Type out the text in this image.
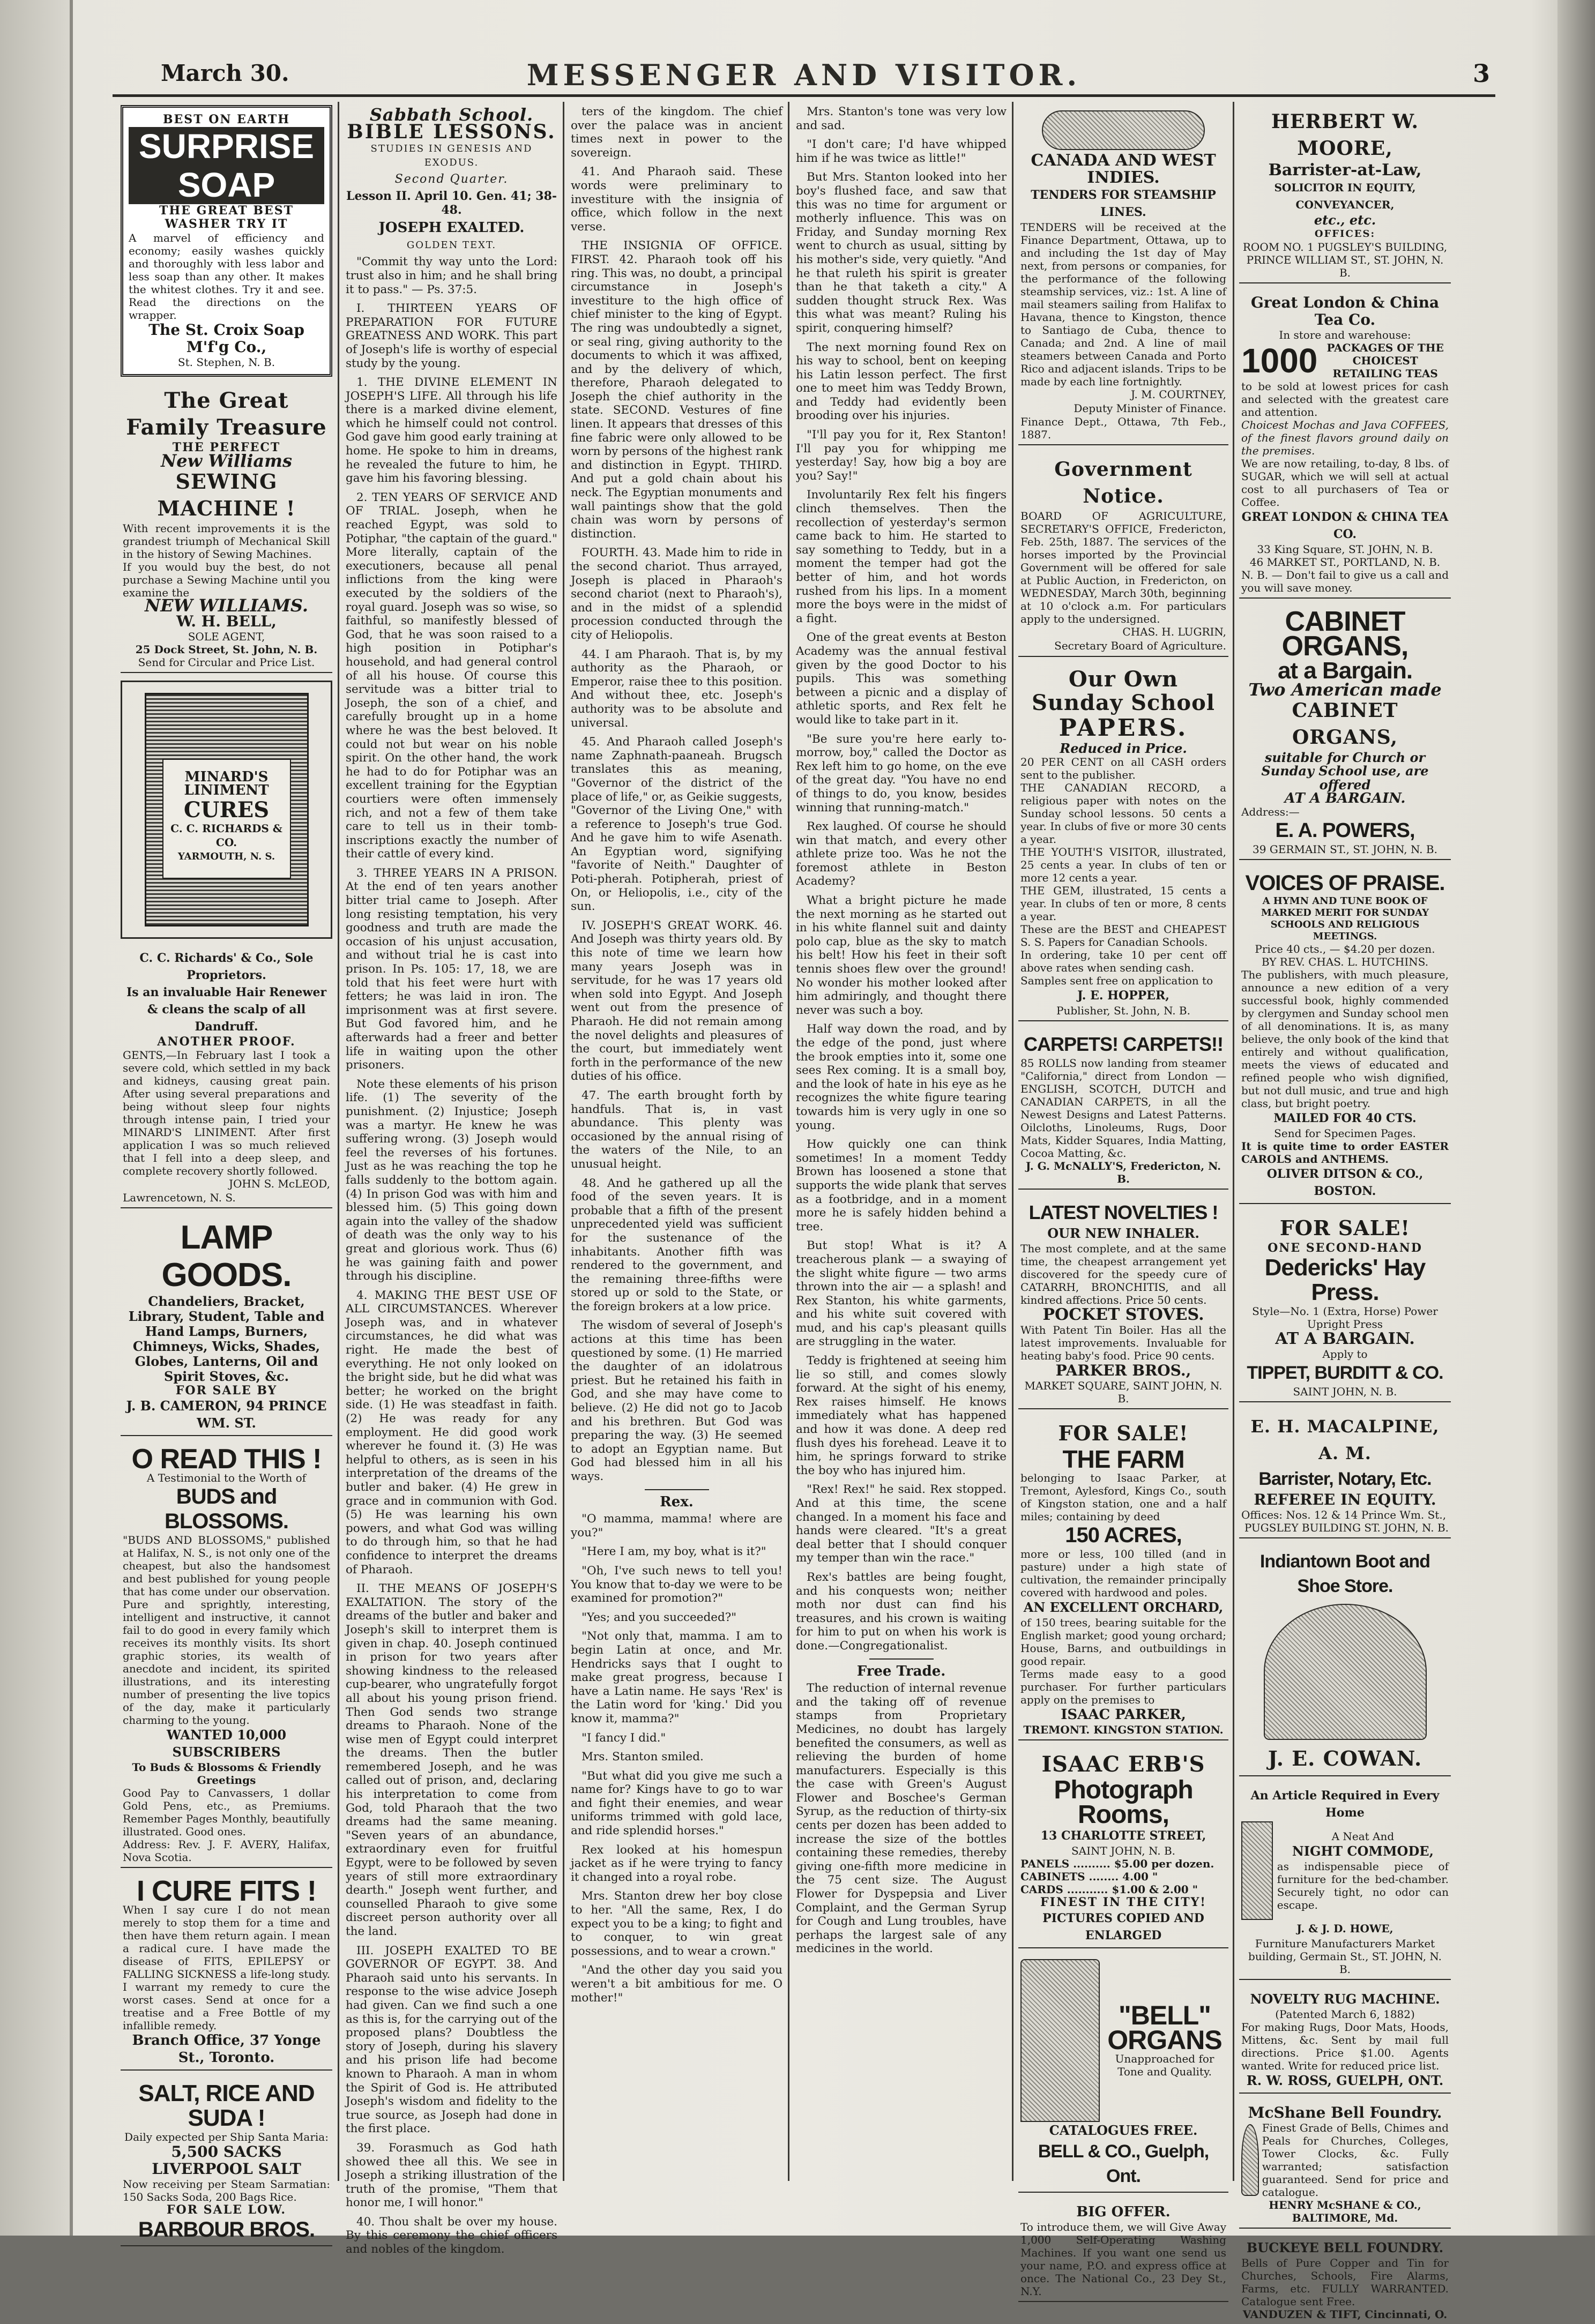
March 30.	MESSENGER AND VISITOR.	3
BEST ON EARTH
SURPRISE
SOAP
THE GREAT BEST WASHER TRY IT
A marvel of efficiency and economy; easily washes quickly and thoroughly with less labor and less soap than any other. It makes the whitest clothes. Try it and see. Read the directions on the wrapper.
The St. Croix Soap M'f'g Co.,
St. Stephen, N. B.
The Great Family Treasure
THE PERFECT
New Williams
SEWING MACHINE !
With recent improvements it is the grandest triumph of Mechanical Skill in the history of Sewing Machines.
If you would buy the best, do not purchase a Sewing Machine until you examine the
NEW WILLIAMS.
W. H. BELL,
SOLE AGENT,
25 Dock Street, St. John, N. B.
Send for Circular and Price List.
MINARD'S LINIMENT
CURES
C. C. RICHARDS & CO.
YARMOUTH, N. S.
C. C. Richards' & Co., Sole Proprietors.
Is an invaluable Hair Renewer & cleans the scalp of all Dandruff.
ANOTHER PROOF.
GENTS,—In February last I took a severe cold, which settled in my back and kidneys, causing great pain. After using several preparations and being without sleep four nights through intense pain, I tried your MINARD'S LINIMENT. After first application I was so much relieved that I fell into a deep sleep, and complete recovery shortly followed.
JOHN S. McLEOD,
Lawrencetown, N. S.
LAMP GOODS.
Chandeliers, Bracket, Library, Student, Table and Hand Lamps, Burners, Chimneys, Wicks, Shades, Globes, Lanterns, Oil and Spirit Stoves, &c.
FOR SALE BY
J. B. CAMERON, 94 PRINCE WM. ST.
O READ THIS !
A Testimonial to the Worth of
BUDS and BLOSSOMS.
"BUDS AND BLOSSOMS," published at Halifax, N. S., is not only one of the cheapest, but also the handsomest and best published for young people that has come under our observation. Pure and sprightly, interesting, intelligent and instructive, it cannot fail to do good in every family which receives its monthly visits. Its short graphic stories, its wealth of anecdote and incident, its spirited illustrations, and its interesting number of presenting the live topics of the day, make it particularly charming to the young.
WANTED 10,000 SUBSCRIBERS
To Buds & Blossoms & Friendly Greetings
Good Pay to Canvassers, 1 dollar Gold Pens, etc., as Premiums. Remember Pages Monthly, beautifully illustrated. Good ones.
Address: Rev. J. F. AVERY, Halifax, Nova Scotia.
I CURE FITS !
When I say cure I do not mean merely to stop them for a time and then have them return again. I mean a radical cure. I have made the disease of FITS, EPILEPSY or FALLING SICKNESS a life-long study. I warrant my remedy to cure the worst cases. Send at once for a treatise and a Free Bottle of my infallible remedy.
Branch Office, 37 Yonge St., Toronto.
SALT, RICE AND SUDA !
Daily expected per Ship Santa Maria:
5,500 SACKS LIVERPOOL SALT
Now receiving per Steam Sarmatian: 150 Sacks Soda, 200 Bags Rice.
FOR SALE LOW.
BARBOUR BROS.
Sabbath School.
BIBLE LESSONS.
STUDIES IN GENESIS AND EXODUS.
Second Quarter.
Lesson II. April 10. Gen. 41; 38-48.
JOSEPH EXALTED.
GOLDEN TEXT.

"Commit thy way unto the Lord: trust also in him; and he shall bring it to pass." — Ps. 37:5.

I. THIRTEEN YEARS OF PREPARATION FOR FUTURE GREATNESS AND WORK. This part of Joseph's life is worthy of especial study by the young.

1. THE DIVINE ELEMENT IN JOSEPH'S LIFE. All through his life there is a marked divine element, which he himself could not control. God gave him good early training at home. He spoke to him in dreams, he revealed the future to him, he gave him his favoring blessing.

2. TEN YEARS OF SERVICE AND OF TRIAL. Joseph, when he reached Egypt, was sold to Potiphar, "the captain of the guard." More literally, captain of the executioners, because all penal inflictions from the king were executed by the soldiers of the royal guard. Joseph was so wise, so faithful, so manifestly blessed of God, that he was soon raised to a high position in Potiphar's household, and had general control of all his house. Of course this servitude was a bitter trial to Joseph, the son of a chief, and carefully brought up in a home where he was the best beloved. It could not but wear on his noble spirit. On the other hand, the work he had to do for Potiphar was an excellent training for the Egyptian courtiers were often immensely rich, and not a few of them take care to tell us in their tomb-inscriptions exactly the number of their cattle of every kind.

3. THREE YEARS IN A PRISON. At the end of ten years another bitter trial came to Joseph. After long resisting temptation, his very goodness and truth are made the occasion of his unjust accusation, and without trial he is cast into prison. In Ps. 105: 17, 18, we are told that his feet were hurt with fetters; he was laid in iron. The imprisonment was at first severe. But God favored him, and he afterwards had a freer and better life in waiting upon the other prisoners.

Note these elements of his prison life. (1) The severity of the punishment. (2) Injustice; Joseph was a martyr. He knew he was suffering wrong. (3) Joseph would feel the reverses of his fortunes. Just as he was reaching the top he falls suddenly to the bottom again. (4) In prison God was with him and blessed him. (5) This going down again into the valley of the shadow of death was the only way to his great and glorious work. Thus (6) he was gaining faith and power through his discipline.

4. MAKING THE BEST USE OF ALL CIRCUMSTANCES. Wherever Joseph was, and in whatever circumstances, he did what was right. He made the best of everything. He not only looked on the bright side, but he did what was better; he worked on the bright side. (1) He was steadfast in faith. (2) He was ready for any employment. He did good work wherever he found it. (3) He was helpful to others, as is seen in his interpretation of the dreams of the butler and baker. (4) He grew in grace and in communion with God. (5) He was learning his own powers, and what God was willing to do through him, so that he had confidence to interpret the dreams of Pharaoh.

II. THE MEANS OF JOSEPH'S EXALTATION. The story of the dreams of the butler and baker and Joseph's skill to interpret them is given in chap. 40. Joseph continued in prison for two years after showing kindness to the released cup-bearer, who ungratefully forgot all about his young prison friend. Then God sends two strange dreams to Pharaoh. None of the wise men of Egypt could interpret the dreams. Then the butler remembered Joseph, and he was called out of prison, and, declaring his interpretation to come from God, told Pharaoh that the two dreams had the same meaning. "Seven years of an abundance, extraordinary even for fruitful Egypt, were to be followed by seven years of still more extraordinary dearth." Joseph went further, and counselled Pharaoh to give some discreet person authority over all the land.

III. JOSEPH EXALTED TO BE GOVERNOR OF EGYPT. 38. And Pharaoh said unto his servants. In response to the wise advice Joseph had given. Can we find such a one as this is, for the carrying out of the proposed plans? Doubtless the story of Joseph, during his slavery and his prison life had become known to Pharaoh. A man in whom the Spirit of God is. He attributed Joseph's wisdom and fidelity to the true source, as Joseph had done in the first place.

39. Forasmuch as God hath showed thee all this. We see in Joseph a striking illustration of the truth of the promise, "Them that honor me, I will honor."

40. Thou shalt be over my house. By this ceremony the chief officers and nobles of the kingdom.

ters of the kingdom. The chief over the palace was in ancient times next in power to the sovereign.

41. And Pharaoh said. These words were preliminary to investiture with the insignia of office, which follow in the next verse.

THE INSIGNIA OF OFFICE. FIRST. 42. Pharaoh took off his ring. This was, no doubt, a principal circumstance in Joseph's investiture to the high office of chief minister to the king of Egypt. The ring was undoubtedly a signet, or seal ring, giving authority to the documents to which it was affixed, and by the delivery of which, therefore, Pharaoh delegated to Joseph the chief authority in the state. SECOND. Vestures of fine linen. It appears that dresses of this fine fabric were only allowed to be worn by persons of the highest rank and distinction in Egypt. THIRD. And put a gold chain about his neck. The Egyptian monuments and wall paintings show that the gold chain was worn by persons of distinction.

FOURTH. 43. Made him to ride in the second chariot. Thus arrayed, Joseph is placed in Pharaoh's second chariot (next to Pharaoh's), and in the midst of a splendid procession conducted through the city of Heliopolis.

44. I am Pharaoh. That is, by my authority as the Pharaoh, or Emperor, raise thee to this position. And without thee, etc. Joseph's authority was to be absolute and universal.

45. And Pharaoh called Joseph's name Zaphnath-paaneah. Brugsch translates this as meaning, "Governor of the district of the place of life," or, as Geikie suggests, "Governor of the Living One," with a reference to Joseph's true God. And he gave him to wife Asenath. An Egyptian word, signifying "favorite of Neith." Daughter of Poti-pherah. Potipherah, priest of On, or Heliopolis, i.e., city of the sun.

IV. JOSEPH'S GREAT WORK. 46. And Joseph was thirty years old. By this note of time we learn how many years Joseph was in servitude, for he was 17 years old when sold into Egypt. And Joseph went out from the presence of Pharaoh. He did not remain among the novel delights and pleasures of the court, but immediately went forth in the performance of the new duties of his office.

47. The earth brought forth by handfuls. That is, in vast abundance. This plenty was occasioned by the annual rising of the waters of the Nile, to an unusual height.

48. And he gathered up all the food of the seven years. It is probable that a fifth of the present unprecedented yield was sufficient for the sustenance of the inhabitants. Another fifth was rendered to the government, and the remaining three-fifths were stored up or sold to the State, or the foreign brokers at a low price.

The wisdom of several of Joseph's actions at this time has been questioned by some. (1) He married the daughter of an idolatrous priest. But he retained his faith in God, and she may have come to believe. (2) He did not go to Jacob and his brethren. But God was preparing the way. (3) He seemed to adopt an Egyptian name. But God had blessed him in all his ways.

Rex.

"O mamma, mamma! where are you?"

"Here I am, my boy, what is it?"

"Oh, I've such news to tell you! You know that to-day we were to be examined for promotion?"

"Yes; and you succeeded?"

"Not only that, mamma. I am to begin Latin at once, and Mr. Hendricks says that I ought to make great progress, because I have a Latin name. He says 'Rex' is the Latin word for 'king.' Did you know it, mamma?"

"I fancy I did."

Mrs. Stanton smiled.

"But what did you give me such a name for? Kings have to go to war and fight their enemies, and wear uniforms trimmed with gold lace, and ride splendid horses."

Rex looked at his homespun jacket as if he were trying to fancy it changed into a royal robe.

Mrs. Stanton drew her boy close to her. "All the same, Rex, I do expect you to be a king; to fight and to conquer, to win great possessions, and to wear a crown."

"And the other day you said you weren't a bit ambitious for me. O mother!"

Mrs. Stanton's tone was very low and sad.

"I don't care; I'd have whipped him if he was twice as little!"

But Mrs. Stanton looked into her boy's flushed face, and saw that this was no time for argument or motherly influence. This was on Friday, and Sunday morning Rex went to church as usual, sitting by his mother's side, very quietly. "And he that ruleth his spirit is greater than he that taketh a city." A sudden thought struck Rex. Was this what was meant? Ruling his spirit, conquering himself?

The next morning found Rex on his way to school, bent on keeping his Latin lesson perfect. The first one to meet him was Teddy Brown, and Teddy had evidently been brooding over his injuries.

"I'll pay you for it, Rex Stanton! I'll pay you for whipping me yesterday! Say, how big a boy are you? Say!"

Involuntarily Rex felt his fingers clinch themselves. Then the recollection of yesterday's sermon came back to him. He started to say something to Teddy, but in a moment the temper had got the better of him, and hot words rushed from his lips. In a moment more the boys were in the midst of a fight.

One of the great events at Beston Academy was the annual festival given by the good Doctor to his pupils. This was something between a picnic and a display of athletic sports, and Rex felt he would like to take part in it.

"Be sure you're here early to-morrow, boy," called the Doctor as Rex left him to go home, on the eve of the great day. "You have no end of things to do, you know, besides winning that running-match."

Rex laughed. Of course he should win that match, and every other athlete prize too. Was he not the foremost athlete in Beston Academy?

What a bright picture he made the next morning as he started out in his white flannel suit and dainty polo cap, blue as the sky to match his belt! How his feet in their soft tennis shoes flew over the ground! No wonder his mother looked after him admiringly, and thought there never was such a boy.

Half way down the road, and by the edge of the pond, just where the brook empties into it, some one sees Rex coming. It is a small boy, and the look of hate in his eye as he recognizes the white figure tearing towards him is very ugly in one so young.

How quickly one can think sometimes! In a moment Teddy Brown has loosened a stone that supports the wide plank that serves as a footbridge, and in a moment more he is safely hidden behind a tree.

But stop! What is it? A treacherous plank — a swaying of the slight white figure — two arms thrown into the air — a splash! and Rex Stanton, his white garments, and his white suit covered with mud, and his cap's pleasant quills are struggling in the water.

Teddy is frightened at seeing him lie so still, and comes slowly forward. At the sight of his enemy, Rex raises himself. He knows immediately what has happened and how it was done. A deep red flush dyes his forehead. Leave it to him, he springs forward to strike the boy who has injured him.

"Rex! Rex!" he said. Rex stopped. And at this time, the scene changed. In a moment his face and hands were cleared. "It's a great deal better that I should conquer my temper than win the race."

Rex's battles are being fought, and his conquests won; neither moth nor dust can find his treasures, and his crown is waiting for him to put on when his work is done.—Congregationalist.

Free Trade.

The reduction of internal revenue and the taking off of revenue stamps from Proprietary Medicines, no doubt has largely benefited the consumers, as well as relieving the burden of home manufacturers. Especially is this the case with Green's August Flower and Boschee's German Syrup, as the reduction of thirty-six cents per dozen has been added to increase the size of the bottles containing these remedies, thereby giving one-fifth more medicine in the 75 cent size. The August Flower for Dyspepsia and Liver Complaint, and the German Syrup for Cough and Lung troubles, have perhaps the largest sale of any medicines in the world.

CANADA AND WEST INDIES.
TENDERS FOR STEAMSHIP LINES.
TENDERS will be received at the Finance Department, Ottawa, up to and including the 1st day of May next, from persons or companies, for the performance of the following steamship services, viz.: 1st. A line of mail steamers sailing from Halifax to Havana, thence to Kingston, thence to Santiago de Cuba, thence to Canada; and 2nd. A line of mail steamers between Canada and Porto Rico and adjacent islands. Trips to be made by each line fortnightly.
J. M. COURTNEY,
Deputy Minister of Finance.
Finance Dept., Ottawa, 7th Feb., 1887.
Government Notice.
BOARD OF AGRICULTURE, SECRETARY'S OFFICE, Fredericton, Feb. 25th, 1887. The services of the horses imported by the Provincial Government will be offered for sale at Public Auction, in Fredericton, on WEDNESDAY, March 30th, beginning at 10 o'clock a.m. For particulars apply to the undersigned.
CHAS. H. LUGRIN,
Secretary Board of Agriculture.
Our Own Sunday School
PAPERS.
Reduced in Price.
20 PER CENT on all CASH orders sent to the publisher.
THE CANADIAN RECORD, a religious paper with notes on the Sunday school lessons. 50 cents a year. In clubs of five or more 30 cents a year.
THE YOUTH'S VISITOR, illustrated, 25 cents a year. In clubs of ten or more 12 cents a year.
THE GEM, illustrated, 15 cents a year. In clubs of ten or more, 8 cents a year.
These are the BEST and CHEAPEST S. S. Papers for Canadian Schools.
In ordering, take 10 per cent off above rates when sending cash.
Samples sent free on application to
J. E. HOPPER,
Publisher, St. John, N. B.
CARPETS! CARPETS!!
85 ROLLS now landing from steamer "California," direct from London — ENGLISH, SCOTCH, DUTCH and CANADIAN CARPETS, in all the Newest Designs and Latest Patterns. Oilcloths, Linoleums, Rugs, Door Mats, Kidder Squares, India Matting, Cocoa Matting, &c.
J. G. McNALLY'S, Fredericton, N. B.
LATEST NOVELTIES !
OUR NEW INHALER.
The most complete, and at the same time, the cheapest arrangement yet discovered for the speedy cure of CATARRH, BRONCHITIS, and all kindred affections. Price 50 cents.
POCKET STOVES.
With Patent Tin Boiler. Has all the latest improvements. Invaluable for heating baby's food. Price 90 cents.
PARKER BROS.,
MARKET SQUARE, SAINT JOHN, N. B.
FOR SALE!
THE FARM
belonging to Isaac Parker, at Tremont, Aylesford, Kings Co., south of Kingston station, one and a half miles; containing by deed
150 ACRES,
more or less, 100 tilled (and in pasture) under a high state of cultivation, the remainder principally covered with hardwood and poles.
AN EXCELLENT ORCHARD,
of 150 trees, bearing suitable for the English market; good young orchard; House, Barns, and outbuildings in good repair.
Terms made easy to a good purchaser. For further particulars apply on the premises to
ISAAC PARKER,
TREMONT. KINGSTON STATION.
ISAAC ERB'S
Photograph Rooms,
13 CHARLOTTE STREET,
SAINT JOHN, N. B.
PANELS .......... $5.00 per dozen.
CABINETS ........ 4.00 "
CARDS ........... $1.00 & 2.00 "
FINEST IN THE CITY!
PICTURES COPIED AND ENLARGED
"BELL"
ORGANS
Unapproached for Tone and Quality.
CATALOGUES FREE.
BELL & CO., Guelph, Ont.
BIG OFFER.
To introduce them, we will Give Away 1,000 Self-Operating Washing Machines. If you want one send us your name, P.O. and express office at once. The National Co., 23 Dey St., N.Y.
HERBERT W. MOORE,
Barrister-at-Law,
SOLICITOR IN EQUITY, CONVEYANCER,
etc., etc.
OFFICES:
ROOM NO. 1 PUGSLEY'S BUILDING, PRINCE WILLIAM ST., ST. JOHN, N. B.
Great London & China Tea Co.
In store and warehouse:
1000 PACKAGES OF THE CHOICEST RETAILING TEAS
to be sold at lowest prices for cash and selected with the greatest care and attention.
Choicest Mochas and Java COFFEES, of the finest flavors ground daily on the premises.
We are now retailing, to-day, 8 lbs. of SUGAR, which we will sell at actual cost to all purchasers of Tea or Coffee.
GREAT LONDON & CHINA TEA CO.
33 King Square, ST. JOHN, N. B.
46 MARKET ST., PORTLAND, N. B.
N. B. — Don't fail to give us a call and you will save money.
CABINET ORGANS,
at a Bargain.
Two American made
CABINET ORGANS,
suitable for Church or Sunday School use, are offered
AT A BARGAIN.
Address:—
E. A. POWERS,
39 GERMAIN ST., ST. JOHN, N. B.
VOICES OF PRAISE.
A HYMN AND TUNE BOOK OF MARKED MERIT FOR SUNDAY SCHOOLS AND RELIGIOUS MEETINGS.
Price 40 cts., — $4.20 per dozen.
BY REV. CHAS. L. HUTCHINS.
The publishers, with much pleasure, announce a new edition of a very successful book, highly commended by clergymen and Sunday school men of all denominations. It is, as many believe, the only book of the kind that entirely and without qualification, meets the views of educated and refined people who wish dignified, but not dull music, and true and high class, but bright poetry.
MAILED FOR 40 CTS.
Send for Specimen Pages.
It is quite time to order EASTER CAROLS and ANTHEMS.
OLIVER DITSON & CO., BOSTON.
FOR SALE!
ONE SECOND-HAND
Dedericks' Hay Press.
Style—No. 1 (Extra, Horse) Power Upright Press
AT A BARGAIN.
Apply to
TIPPET, BURDITT & CO.
SAINT JOHN, N. B.
E. H. MACALPINE, A. M.
Barrister, Notary, Etc.
REFEREE IN EQUITY.
Offices: Nos. 12 & 14 Prince Wm. St.,
PUGSLEY BUILDING ST. JOHN, N. B.
Indiantown Boot and Shoe Store.
J. E. COWAN.
An Article Required in Every Home
A Neat And
NIGHT COMMODE,
as indispensable piece of furniture for the bed-chamber. Securely tight, no odor can escape.
J. & J. D. HOWE,
Furniture Manufacturers Market building, Germain St., ST. JOHN, N. B.
NOVELTY RUG MACHINE.
(Patented March 6, 1882)
For making Rugs, Door Mats, Hoods, Mittens, &c. Sent by mail full directions. Price $1.00. Agents wanted. Write for reduced price list.
R. W. ROSS, GUELPH, ONT.
McShane Bell Foundry.
Finest Grade of Bells, Chimes and Peals for Churches, Colleges, Tower Clocks, &c. Fully warranted; satisfaction guaranteed. Send for price and catalogue.
HENRY McSHANE & CO., BALTIMORE, Md.
BUCKEYE BELL FOUNDRY.
Bells of Pure Copper and Tin for Churches, Schools, Fire Alarms, Farms, etc. FULLY WARRANTED. Catalogue sent Free.
VANDUZEN & TIFT, Cincinnati, O.
